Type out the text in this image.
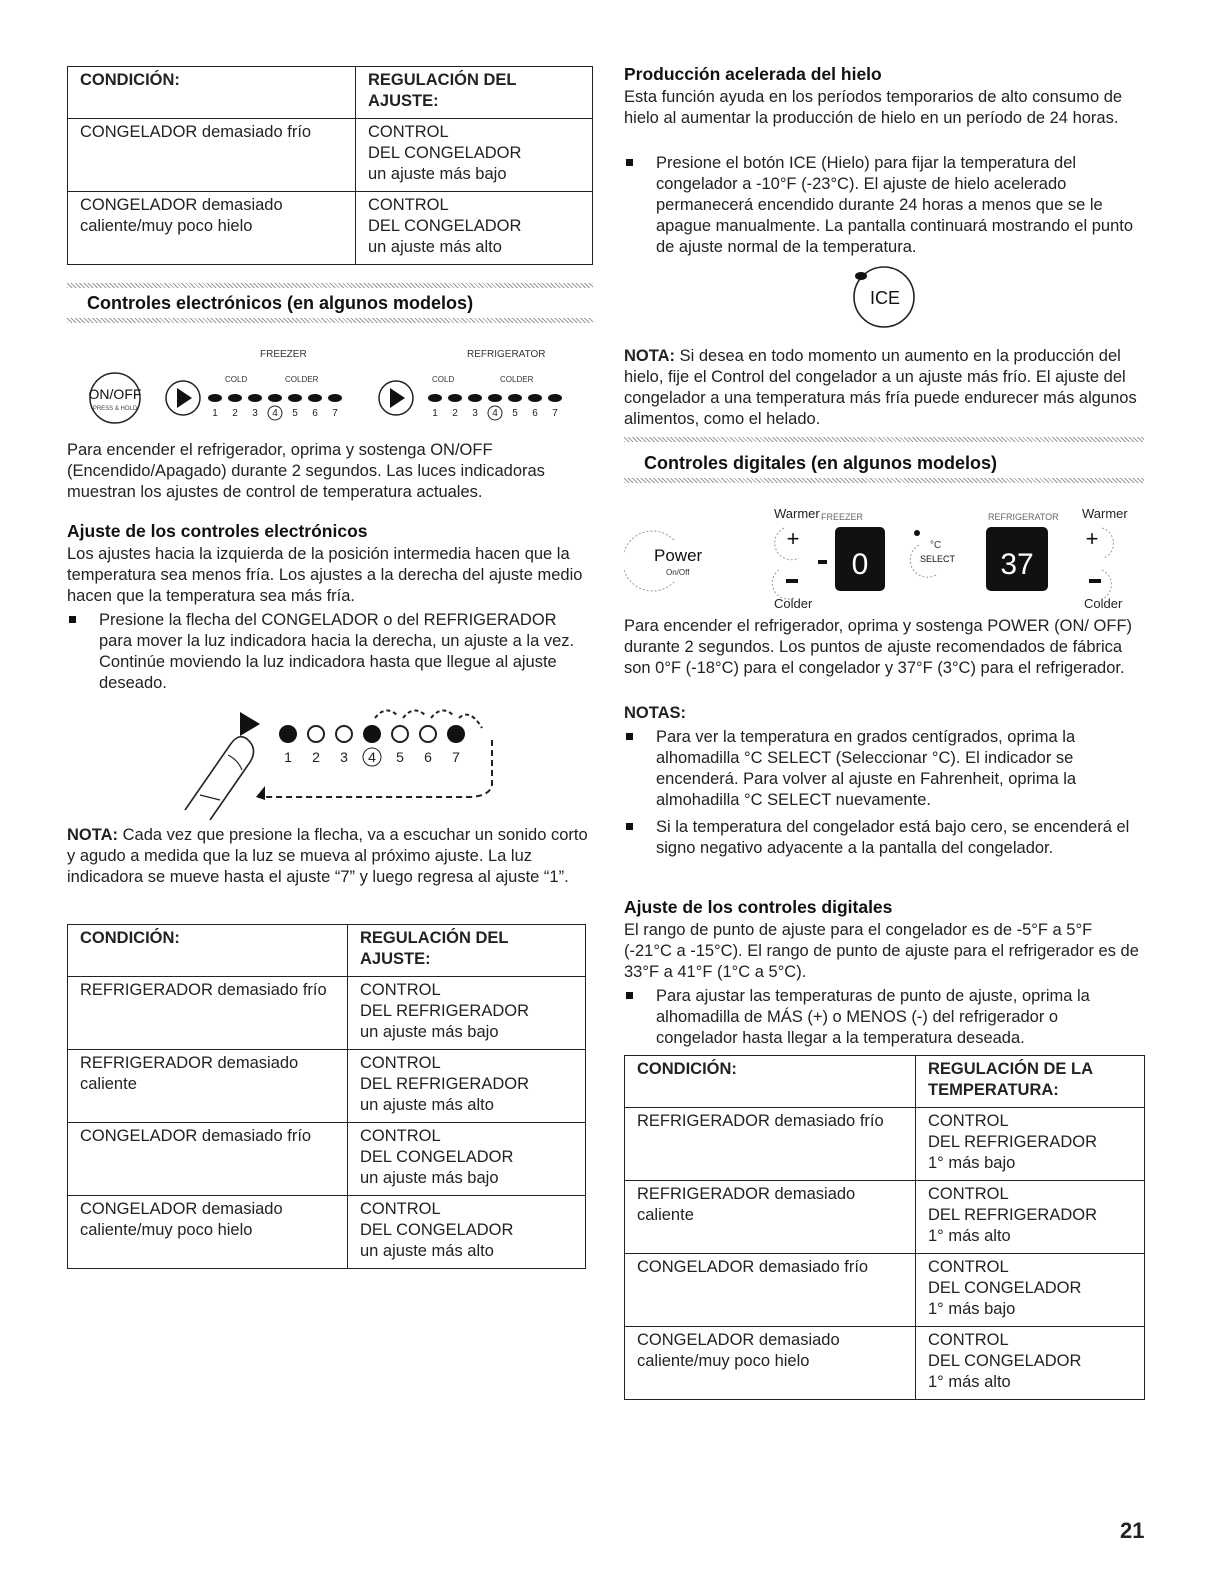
CONDICIÓN:	REGULACIÓN DEL AJUSTE:
CONGELADOR demasiado frío	CONTROL
DEL CONGELADOR
un ajuste más bajo

CONGELADOR demasiado caliente/muy poco hielo	CONTROL
DEL CONGELADOR
un ajuste más alto
Controles electrónicos (en algunos modelos)
FREEZER	REFRIGERATOR
ON/OFF
PRESS & HOLD
COLD	COLDER
1 2 3 4 5 6 7
COLD	COLDER
1 2 3 4 5 6 7

Para encender el refrigerador, oprima y sostenga ON/OFF (Encendido/Apagado) durante 2 segundos. Las luces indicadoras muestran los ajustes de control de temperatura actuales.

Ajuste de los controles electrónicos

Los ajustes hacia la izquierda de la posición intermedia hacen que la temperatura sea menos fría. Los ajustes a la derecha del ajuste medio hacen que la temperatura sea más fría.

Presione la flecha del CONGELADOR o del REFRIGERADOR para mover la luz indicadora hacia la derecha, un ajuste a la vez. Continúe moviendo la luz indicadora hasta que llegue al ajuste deseado.
1 2 3 4 5 6 7

NOTA: Cada vez que presione la flecha, va a escuchar un sonido corto y agudo a medida que la luz se mueva al próximo ajuste. La luz indicadora se mueve hasta el ajuste “7” y luego regresa al ajuste “1”.

CONDICIÓN:	REGULACIÓN DEL AJUSTE:
REFRIGERADOR demasiado frío	CONTROL
DEL REFRIGERADOR
un ajuste más bajo

REFRIGERADOR demasiado caliente	CONTROL
DEL REFRIGERADOR
un ajuste más alto

CONGELADOR demasiado frío	CONTROL
DEL CONGELADOR
un ajuste más bajo

CONGELADOR demasiado caliente/muy poco hielo	CONTROL
DEL CONGELADOR
un ajuste más alto
Producción acelerada del hielo

Esta función ayuda en los períodos temporarios de alto consumo de hielo al aumentar la producción de hielo en un período de 24 horas.

Presione el botón ICE (Hielo) para fijar la temperatura del congelador a -10°F (-23°C). El ajuste de hielo acelerado permanecerá encendido durante 24 horas a menos que se le apague manualmente. La pantalla continuará mostrando el punto de ajuste normal de la temperatura.
ICE

NOTA: Si desea en todo momento un aumento en la producción del hielo, fije el Control del congelador a un ajuste más frío. El ajuste del congelador a una temperatura más fría puede endurecer más algunos alimentos, como el helado.

Controles digitales (en algunos modelos)
Warmer FREEZER	REFRIGERATOR Warmer
Power
On/Off
+
0
°C
SELECT 37
+
Colder	Colder

Para encender el refrigerador, oprima y sostenga POWER (ON/ OFF) durante 2 segundos. Los puntos de ajuste recomendados de fábrica son 0°F (-18°C) para el congelador y 37°F (3°C) para el refrigerador.

NOTAS:
Para ver la temperatura en grados centígrados, oprima la alhomadilla °C SELECT (Seleccionar °C). El indicador se encenderá. Para volver al ajuste en Fahrenheit, oprima la almohadilla °C SELECT nuevamente.
Si la temperatura del congelador está bajo cero, se encenderá el signo negativo adyacente a la pantalla del congelador.
Ajuste de los controles digitales

El rango de punto de ajuste para el congelador es de -5°F a 5°F (-21°C a -15°C). El rango de punto de ajuste para el refrigerador es de 33°F a 41°F (1°C a 5°C).

Para ajustar las temperaturas de punto de ajuste, oprima la alhomadilla de MÁS (+) o MENOS (-) del refrigerador o congelador hasta llegar a la temperatura deseada.
CONDICIÓN:	REGULACIÓN DE LA TEMPERATURA:
REFRIGERADOR demasiado frío	CONTROL
DEL REFRIGERADOR
1° más bajo

REFRIGERADOR demasiado caliente	CONTROL
DEL REFRIGERADOR
1° más alto

CONGELADOR demasiado frío	CONTROL
DEL CONGELADOR
1° más bajo

CONGELADOR demasiado caliente/muy poco hielo	CONTROL
DEL CONGELADOR
1° más alto
21
